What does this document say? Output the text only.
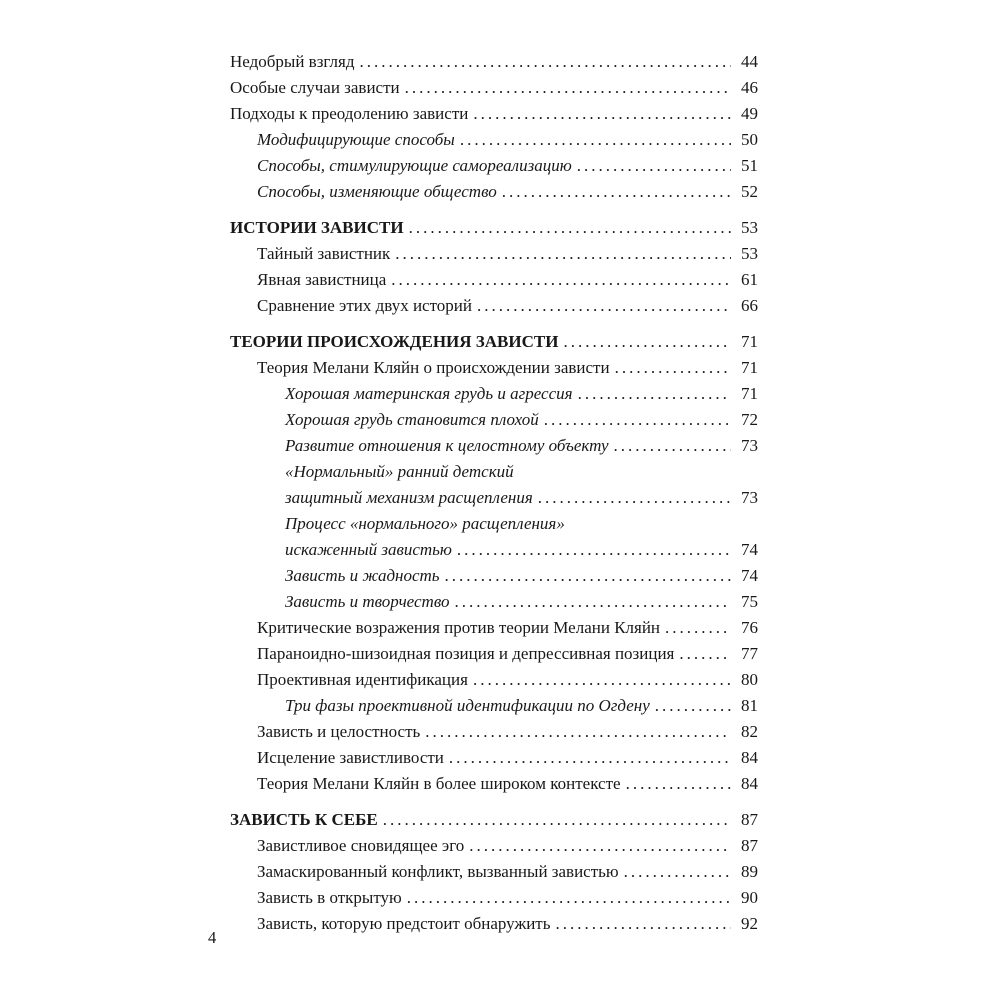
Недобрый взгляд .....	44
Особые случаи зависти .....	46
Подходы к преодолению зависти .....	49
Модифицирующие способы .....	50
Способы, стимулирующие самореализацию .....	51
Способы, изменяющие общество .....	52
ИСТОРИИ ЗАВИСТИ .....	53
Тайный завистник .....	53
Явная завистница .....	61
Сравнение этих двух историй .....	66
ТЕОРИИ ПРОИСХОЖДЕНИЯ ЗАВИСТИ .....	71
Теория Мелани Кляйн о происхождении зависти .....	71
Хорошая материнская грудь и агрессия .....	71
Хорошая грудь становится плохой .....	72
Развитие отношения к целостному объекту .....	73
«Нормальный» ранний детский
защитный механизм расщепления .....	73
Процесс «нормального» расщепления»
искаженный завистью .....	74
Зависть и жадность .....	74
Зависть и творчество .....	75
Критические возражения против теории Мелани Кляйн .....	76
Параноидно-шизоидная позиция и депрессивная позиция .....	77
Проективная идентификация .....	80
Три фазы проективной идентификации по Огдену .....	81
Зависть и целостность .....	82
Исцеление завистливости .....	84
Теория Мелани Кляйн в более широком контексте .....	84
ЗАВИСТЬ К СЕБЕ .....	87
Завистливое сновидящее эго .....	87
Замаскированный конфликт, вызванный завистью .....	89
Зависть в открытую .....	90
Зависть, которую предстоит обнаружить .....	92
4
